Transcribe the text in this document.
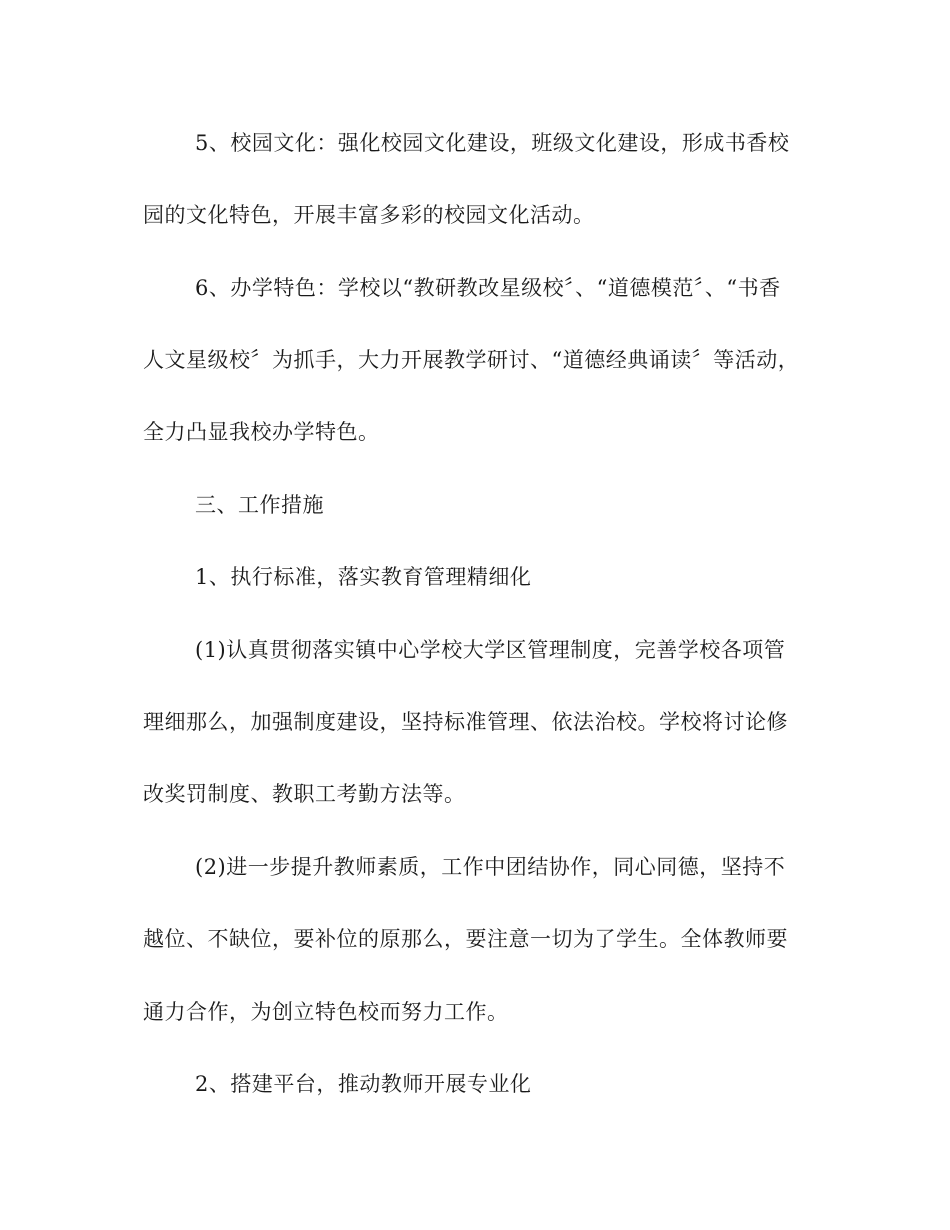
5、校园文化：强化校园文化建设，班级文化建设，形成书香校
园的文化特色，开展丰富多彩的校园文化活动。
6、办学特色：学校以“教研教改星级校〞、“道德模范〞、“书香
人文星级校〞为抓手，大力开展教学研讨、“道德经典诵读〞等活动，
全力凸显我校办学特色。
三、工作措施
1、执行标准，落实教育管理精细化
(1)认真贯彻落实镇中心学校大学区管理制度，完善学校各项管
理细那么，加强制度建设，坚持标准管理、依法治校。学校将讨论修
改奖罚制度、教职工考勤方法等。
(2)进一步提升教师素质，工作中团结协作，同心同德，坚持不
越位、不缺位，要补位的原那么，要注意一切为了学生。全体教师要
通力合作，为创立特色校而努力工作。
2、搭建平台，推动教师开展专业化
